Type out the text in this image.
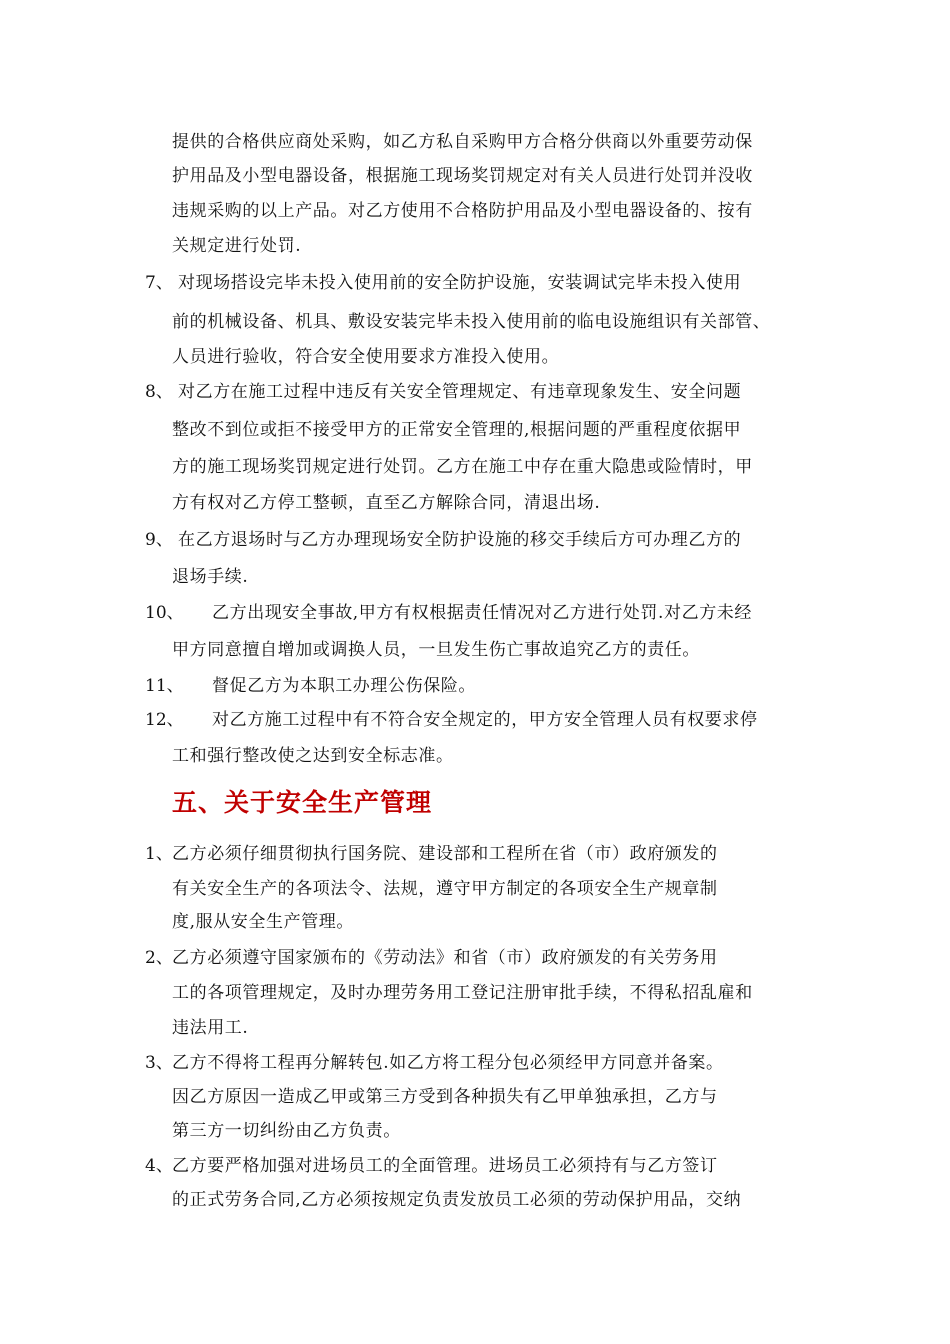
提供的合格供应商处采购，如乙方私自采购甲方合格分供商以外重要劳动保
护用品及小型电器设备，根据施工现场奖罚规定对有关人员进行处罚并没收
违规采购的以上产品。对乙方使用不合格防护用品及小型电器设备的、按有
关规定进行处罚.
7、 对现场搭设完毕未投入使用前的安全防护设施，安装调试完毕未投入使用
前的机械设备、机具、敷设安装完毕未投入使用前的临电设施组识有关部管、
人员进行验收，符合安全使用要求方准投入使用。
8、 对乙方在施工过程中违反有关安全管理规定、有违章现象发生、安全问题
整改不到位或拒不接受甲方的正常安全管理的,根据问题的严重程度依据甲
方的施工现场奖罚规定进行处罚。乙方在施工中存在重大隐患或险情时，甲
方有权对乙方停工整顿，直至乙方解除合同，清退出场.
9、 在乙方退场时与乙方办理现场安全防护设施的移交手续后方可办理乙方的
退场手续.
10、 乙方出现安全事故,甲方有权根据责任情况对乙方进行处罚.对乙方未经
甲方同意擅自增加或调换人员，一旦发生伤亡事故追究乙方的责任。
11、 督促乙方为本职工办理公伤保险。
12、 对乙方施工过程中有不符合安全规定的，甲方安全管理人员有权要求停
工和强行整改使之达到安全标志准。
五、关于安全生产管理
1、 乙方必须仔细贯彻执行国务院、建设部和工程所在省（市）政府颁发的
有关安全生产的各项法令、法规，遵守甲方制定的各项安全生产规章制
度,服从安全生产管理。
2、 乙方必须遵守国家颁布的《劳动法》和省（市）政府颁发的有关劳务用
工的各项管理规定，及时办理劳务用工登记注册审批手续，不得私招乱雇和
违法用工.
3、 乙方不得将工程再分解转包.如乙方将工程分包必须经甲方同意并备案。
因乙方原因一造成乙甲或第三方受到各种损失有乙甲单独承担，乙方与
第三方一切纠纷由乙方负责。
4、 乙方要严格加强对进场员工的全面管理。进场员工必须持有与乙方签订
的正式劳务合同,乙方必须按规定负责发放员工必须的劳动保护用品，交纳
